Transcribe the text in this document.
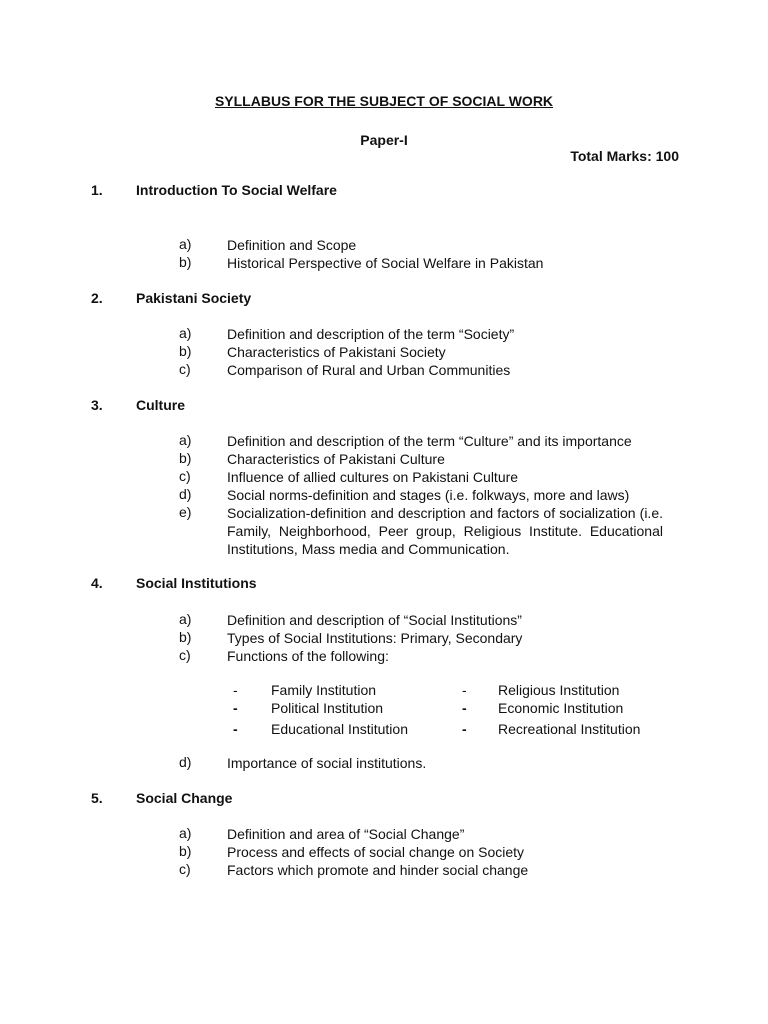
SYLLABUS FOR THE SUBJECT OF SOCIAL WORK
Paper-I
Total Marks: 100
1. Introduction To Social Welfare
a)	Definition and Scope
b)	Historical Perspective of Social Welfare in Pakistan
2. Pakistani Society
a)	Definition and description of the term “Society”
b)	Characteristics of Pakistani Society
c)	Comparison of Rural and Urban Communities
3. Culture
a)	Definition and description of the term “Culture” and its importance
b)	Characteristics of Pakistani Culture
c)	Influence of allied cultures on Pakistani Culture
d)	Social norms-definition and stages (i.e. folkways, more and laws)
e)	Socialization-definition and description and factors of socialization (i.e. Family, Neighborhood, Peer group, Religious Institute. Educational Institutions, Mass media and Communication.
4. Social Institutions
a)	Definition and description of “Social Institutions”
b)	Types of Social Institutions: Primary, Secondary
c)	Functions of the following:
- Family Institution	- Religious Institution
- Political Institution	- Economic Institution
- Educational Institution	- Recreational Institution
d)	Importance of social institutions.
5. Social Change
a)	Definition and area of “Social Change”
b)	Process and effects of social change on Society
c)	Factors which promote and hinder social change
